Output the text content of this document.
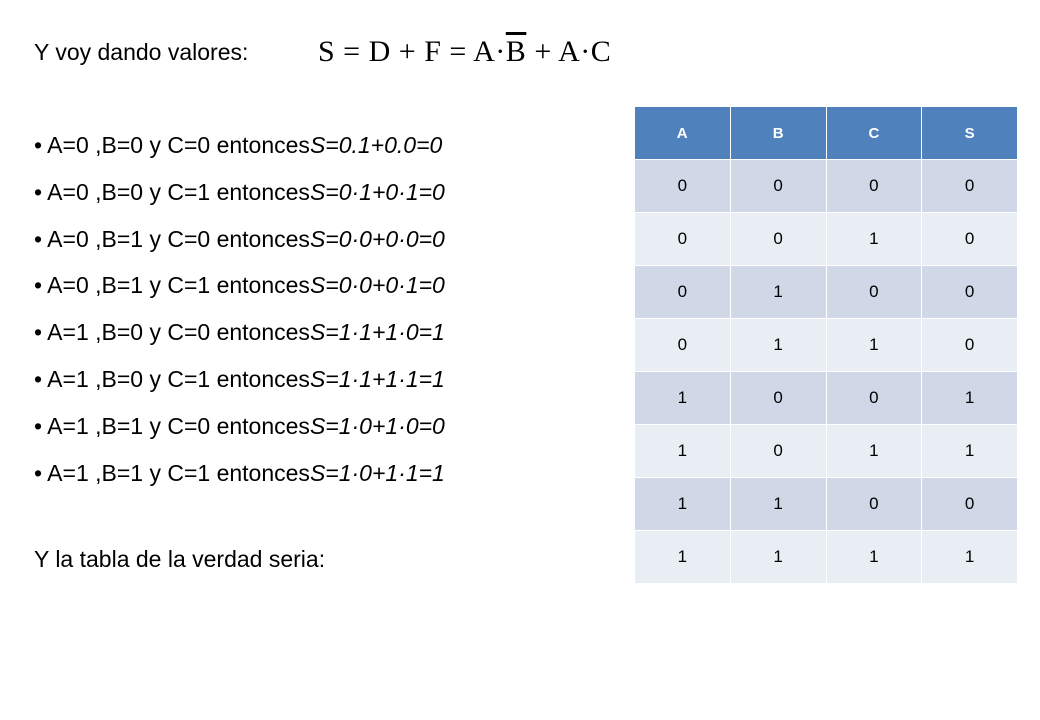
Y voy dando valores: $S = D + F = A\cdot\overline{B} + A\cdot C$
• A=0 ,B=0 y C=0 entoncesS=0.1+0.0=0
• A=0 ,B=0 y C=1 entoncesS=0·1+0·1=0
• A=0 ,B=1 y C=0 entoncesS=0·0+0·0=0
• A=0 ,B=1 y C=1 entoncesS=0·0+0·1=0
• A=1 ,B=0 y C=0 entoncesS=1·1+1·0=1
• A=1 ,B=0 y C=1 entoncesS=1·1+1·1=1
• A=1 ,B=1 y C=0 entoncesS=1·0+1·0=0
• A=1 ,B=1 y C=1 entoncesS=1·0+1·1=1
Y la tabla de la verdad seria:
A	B	C	S
0	0	0	0
0	0	1	0
0	1	0	0
0	1	1	0
1	0	0	1
1	0	1	1
1	1	0	0
1	1	1	1
